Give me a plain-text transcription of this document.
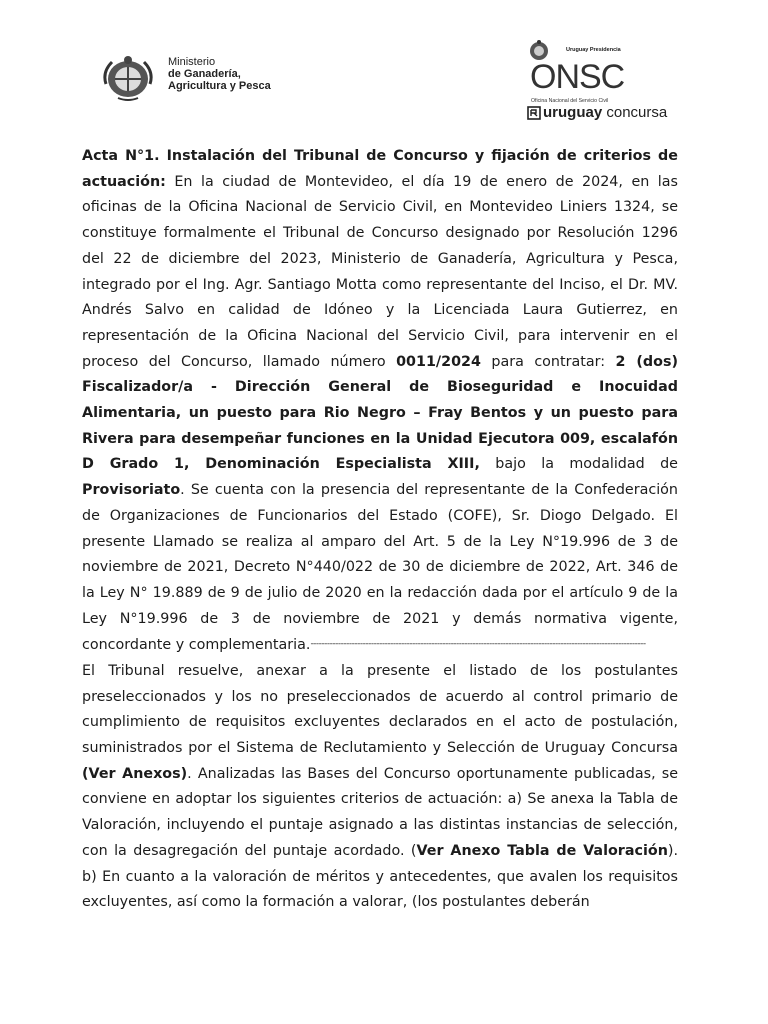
Ministerio
de Ganadería,
Agricultura y Pesca
Uruguay Presidencia
ONSC
Oficina Nacional del Servicio Civil
uruguay concursa

Acta N°1. Instalación del Tribunal de Concurso y fijación de criterios de actuación: En la ciudad de Montevideo, el día 19 de enero de 2024, en las oficinas de la Oficina Nacional de Servicio Civil, en Montevideo Liniers 1324, se constituye formalmente el Tribunal de Concurso designado por Resolución 1296 del 22 de diciembre del 2023, Ministerio de Ganadería, Agricultura y Pesca, integrado por el Ing. Agr. Santiago Motta como representante del Inciso, el Dr. MV. Andrés Salvo en calidad de Idóneo y la Licenciada Laura Gutierrez, en representación de la Oficina Nacional del Servicio Civil, para intervenir en el proceso del Concurso, llamado número 0011/2024 para contratar: 2 (dos) Fiscalizador/a - Dirección General de Bioseguridad e Inocuidad Alimentaria, un puesto para Rio Negro – Fray Bentos y un puesto para Rivera para desempeñar funciones en la Unidad Ejecutora 009, escalafón D Grado 1, Denominación Especialista XIII, bajo la modalidad de Provisoriato. Se cuenta con la presencia del representante de la Confederación de Organizaciones de Funcionarios del Estado (COFE), Sr. Diogo Delgado. El presente Llamado se realiza al amparo del Art. 5 de la Ley N°19.996 de 3 de noviembre de 2021, Decreto N°440/022 de 30 de diciembre de 2022, Art. 346 de la Ley N° 19.889 de 9 de julio de 2020 en la redacción dada por el artículo 9 de la Ley N°19.996 de 3 de noviembre de 2021 y demás normativa vigente, concordante y complementaria.--------------------------------------------------------------------------------------------------------------------------

El Tribunal resuelve, anexar a la presente el listado de los postulantes preseleccionados y los no preseleccionados de acuerdo al control primario de cumplimiento de requisitos excluyentes declarados en el acto de postulación, suministrados por el Sistema de Reclutamiento y Selección de Uruguay Concursa (Ver Anexos). Analizadas las Bases del Concurso oportunamente publicadas, se conviene en adoptar los siguientes criterios de actuación: a) Se anexa la Tabla de Valoración, incluyendo el puntaje asignado a las distintas instancias de selección, con la desagregación del puntaje acordado. (Ver Anexo Tabla de Valoración). b) En cuanto a la valoración de méritos y antecedentes, que avalen los requisitos excluyentes, así como la formación a valorar, (los postulantes deberán
